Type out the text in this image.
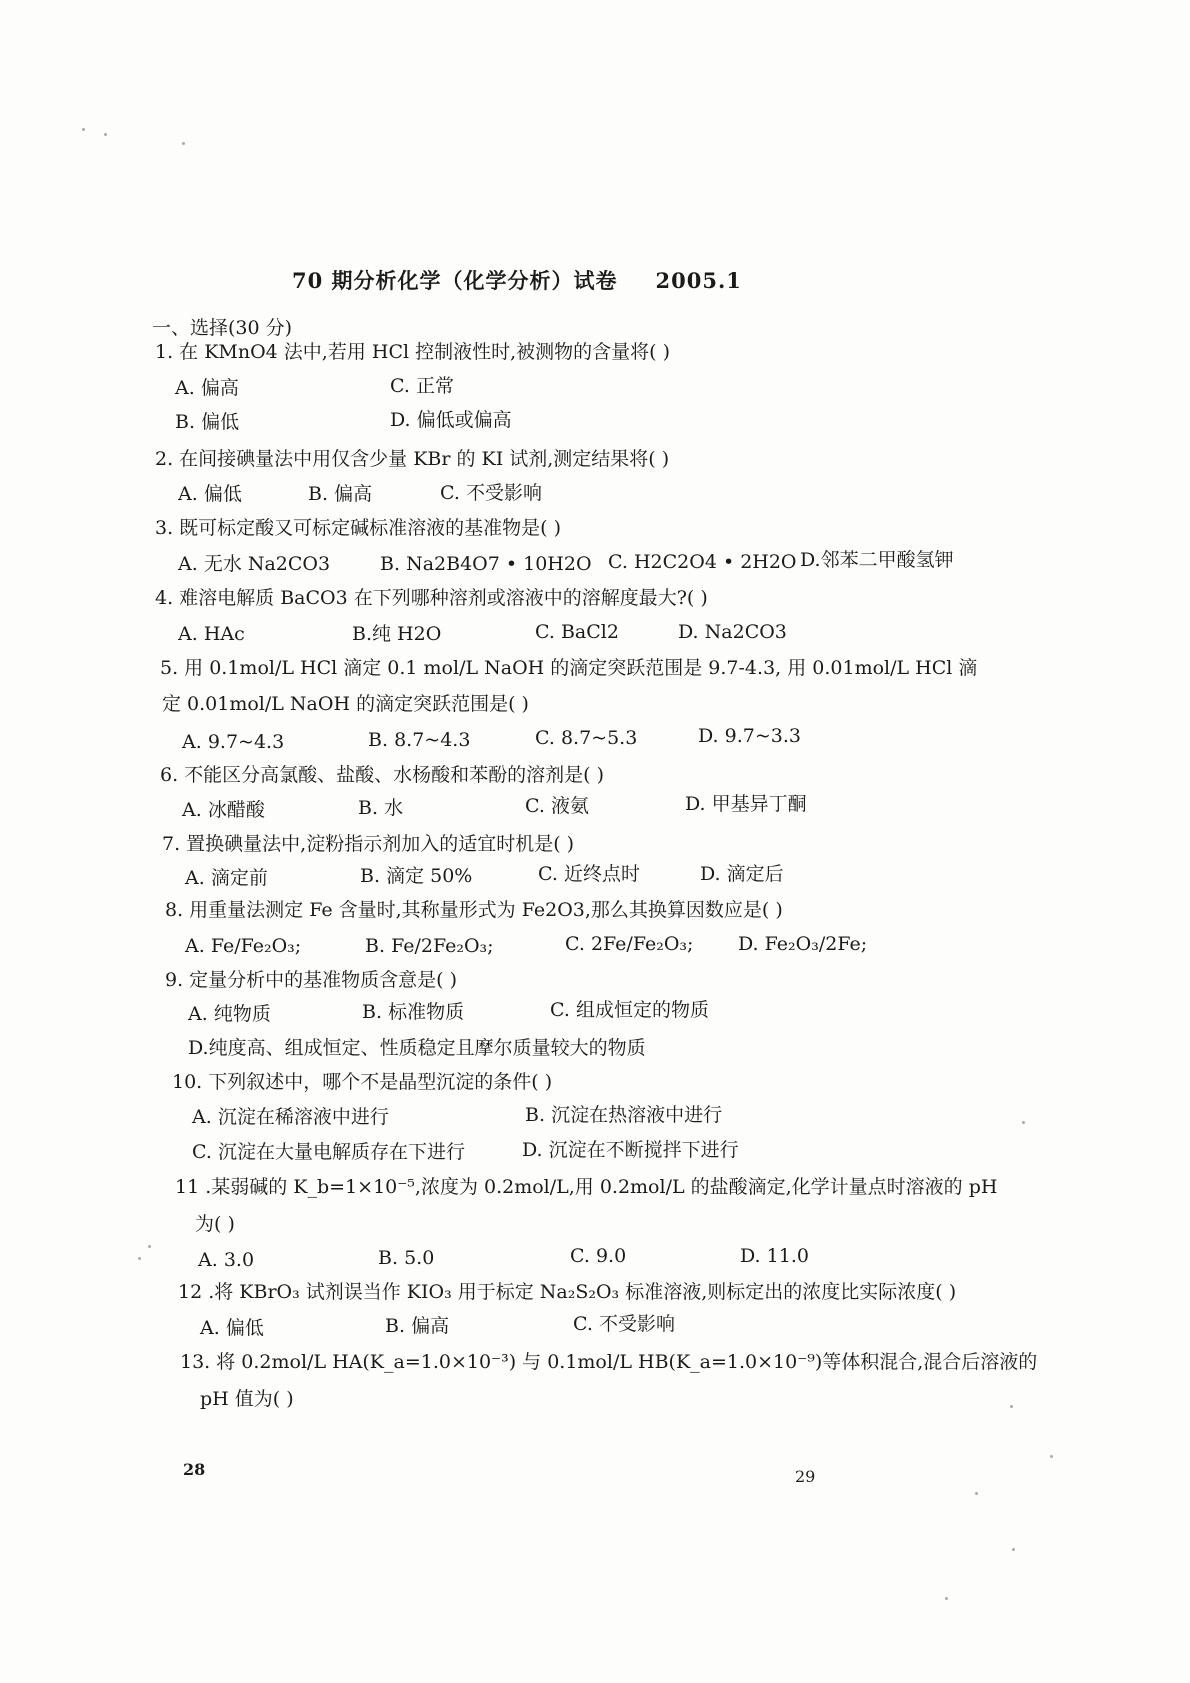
70 期分析化学（化学分析）试卷 2005.1
一、选择(30 分)
1. 在 KMnO4 法中,若用 HCl 控制液性时,被测物的含量将( )
A. 偏高	C. 正常
B. 偏低	D. 偏低或偏高
2. 在间接碘量法中用仅含少量 KBr 的 KI 试剂,测定结果将( )
A. 偏低	B. 偏高	C. 不受影响
3. 既可标定酸又可标定碱标准溶液的基准物是( )
A. 无水 Na2CO3	B. Na2B4O7 • 10H2O C. H2C2O4 • 2H2O D.邻苯二甲酸氢钾
4. 难溶电解质 BaCO3 在下列哪种溶剂或溶液中的溶解度最大?( )
A. HAc	B.纯 H2O	C. BaCl2	D. Na2CO3
5. 用 0.1mol/L HCl 滴定 0.1 mol/L NaOH 的滴定突跃范围是 9.7-4.3, 用 0.01mol/L HCl 滴
定 0.01mol/L NaOH 的滴定突跃范围是( )
A. 9.7~4.3	B. 8.7~4.3	C. 8.7~5.3	D. 9.7~3.3
6. 不能区分高氯酸、盐酸、水杨酸和苯酚的溶剂是( )
A. 冰醋酸	B. 水	C. 液氨	D. 甲基异丁酮
7. 置换碘量法中,淀粉指示剂加入的适宜时机是( )
A. 滴定前	B. 滴定 50%	C. 近终点时	D. 滴定后
8. 用重量法测定 Fe 含量时,其称量形式为 Fe2O3,那么其换算因数应是( )
A. Fe/Fe₂O₃;	B. Fe/2Fe₂O₃;	C. 2Fe/Fe₂O₃; D. Fe₂O₃/2Fe;
9. 定量分析中的基准物质含意是( )
A. 纯物质	B. 标准物质	C. 组成恒定的物质
D.纯度高、组成恒定、性质稳定且摩尔质量较大的物质
10. 下列叙述中，哪个不是晶型沉淀的条件( )
A. 沉淀在稀溶液中进行	B. 沉淀在热溶液中进行
C. 沉淀在大量电解质存在下进行	D. 沉淀在不断搅拌下进行
11 .某弱碱的 K_b=1×10⁻⁵,浓度为 0.2mol/L,用 0.2mol/L 的盐酸滴定,化学计量点时溶液的 pH
为( )
A. 3.0	B. 5.0	C. 9.0	D. 11.0
12 .将 KBrO₃ 试剂误当作 KIO₃ 用于标定 Na₂S₂O₃ 标准溶液,则标定出的浓度比实际浓度( )
A. 偏低	B. 偏高	C. 不受影响
13. 将 0.2mol/L HA(K_a=1.0×10⁻³) 与 0.1mol/L HB(K_a=1.0×10⁻⁹)等体积混合,混合后溶液的
pH 值为( )
28	29
